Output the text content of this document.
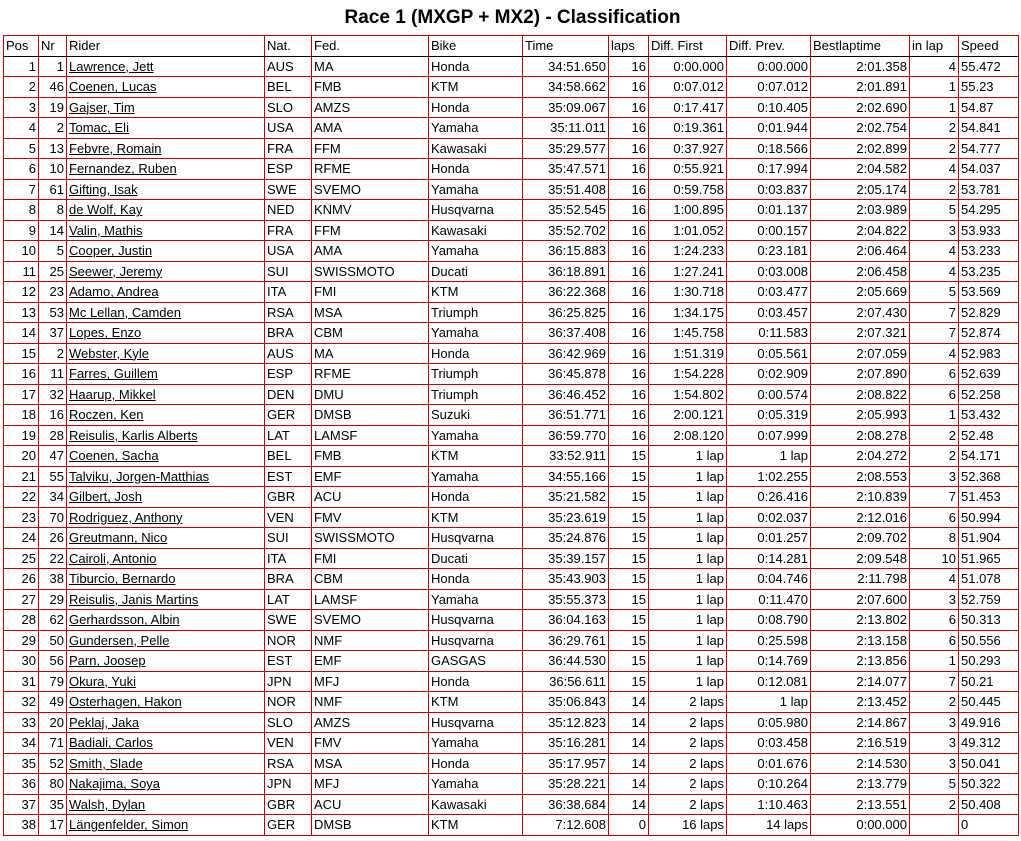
Race 1 (MXGP + MX2) - Classification
Pos	Nr	Rider	Nat.	Fed.	Bike	Time	laps	Diff. First	Diff. Prev.	Bestlaptime	in lap	Speed
1	1	Lawrence, Jett	AUS	MA	Honda	34:51.650	16	0:00.000	0:00.000	2:01.358	4	55.472
2	46	Coenen, Lucas	BEL	FMB	KTM	34:58.662	16	0:07.012	0:07.012	2:01.891	1	55.23
3	19	Gajser, Tim	SLO	AMZS	Honda	35:09.067	16	0:17.417	0:10.405	2:02.690	1	54.87
4	2	Tomac, Eli	USA	AMA	Yamaha	35:11.011	16	0:19.361	0:01.944	2:02.754	2	54.841
5	13	Febvre, Romain	FRA	FFM	Kawasaki	35:29.577	16	0:37.927	0:18.566	2:02.899	2	54.777
6	10	Fernandez, Ruben	ESP	RFME	Honda	35:47.571	16	0:55.921	0:17.994	2:04.582	4	54.037
7	61	Gifting, Isak	SWE	SVEMO	Yamaha	35:51.408	16	0:59.758	0:03.837	2:05.174	2	53.781
8	8	de Wolf, Kay	NED	KNMV	Husqvarna	35:52.545	16	1:00.895	0:01.137	2:03.989	5	54.295
9	14	Valin, Mathis	FRA	FFM	Kawasaki	35:52.702	16	1:01.052	0:00.157	2:04.822	3	53.933
10	5	Cooper, Justin	USA	AMA	Yamaha	36:15.883	16	1:24.233	0:23.181	2:06.464	4	53.233
11	25	Seewer, Jeremy	SUI	SWISSMOTO	Ducati	36:18.891	16	1:27.241	0:03.008	2:06.458	4	53.235
12	23	Adamo, Andrea	ITA	FMI	KTM	36:22.368	16	1:30.718	0:03.477	2:05.669	5	53.569
13	53	Mc Lellan, Camden	RSA	MSA	Triumph	36:25.825	16	1:34.175	0:03.457	2:07.430	7	52.829
14	37	Lopes, Enzo	BRA	CBM	Yamaha	36:37.408	16	1:45.758	0:11.583	2:07.321	7	52.874
15	2	Webster, Kyle	AUS	MA	Honda	36:42.969	16	1:51.319	0:05.561	2:07.059	4	52.983
16	11	Farres, Guillem	ESP	RFME	Triumph	36:45.878	16	1:54.228	0:02.909	2:07.890	6	52.639
17	32	Haarup, Mikkel	DEN	DMU	Triumph	36:46.452	16	1:54.802	0:00.574	2:08.822	6	52.258
18	16	Roczen, Ken	GER	DMSB	Suzuki	36:51.771	16	2:00.121	0:05.319	2:05.993	1	53.432
19	28	Reisulis, Karlis Alberts	LAT	LAMSF	Yamaha	36:59.770	16	2:08.120	0:07.999	2:08.278	2	52.48
20	47	Coenen, Sacha	BEL	FMB	KTM	33:52.911	15	1 lap	1 lap	2:04.272	2	54.171
21	55	Talviku, Jorgen-Matthias	EST	EMF	Yamaha	34:55.166	15	1 lap	1:02.255	2:08.553	3	52.368
22	34	Gilbert, Josh	GBR	ACU	Honda	35:21.582	15	1 lap	0:26.416	2:10.839	7	51.453
23	70	Rodriguez, Anthony	VEN	FMV	KTM	35:23.619	15	1 lap	0:02.037	2:12.016	6	50.994
24	26	Greutmann, Nico	SUI	SWISSMOTO	Husqvarna	35:24.876	15	1 lap	0:01.257	2:09.702	8	51.904
25	22	Cairoli, Antonio	ITA	FMI	Ducati	35:39.157	15	1 lap	0:14.281	2:09.548	10	51.965
26	38	Tiburcio, Bernardo	BRA	CBM	Honda	35:43.903	15	1 lap	0:04.746	2:11.798	4	51.078
27	29	Reisulis, Janis Martins	LAT	LAMSF	Yamaha	35:55.373	15	1 lap	0:11.470	2:07.600	3	52.759
28	62	Gerhardsson, Albin	SWE	SVEMO	Husqvarna	36:04.163	15	1 lap	0:08.790	2:13.802	6	50.313
29	50	Gundersen, Pelle	NOR	NMF	Husqvarna	36:29.761	15	1 lap	0:25.598	2:13.158	6	50.556
30	56	Parn, Joosep	EST	EMF	GASGAS	36:44.530	15	1 lap	0:14.769	2:13.856	1	50.293
31	79	Okura, Yuki	JPN	MFJ	Honda	36:56.611	15	1 lap	0:12.081	2:14.077	7	50.21
32	49	Osterhagen, Hakon	NOR	NMF	KTM	35:06.843	14	2 laps	1 lap	2:13.452	2	50.445
33	20	Peklaj, Jaka	SLO	AMZS	Husqvarna	35:12.823	14	2 laps	0:05.980	2:14.867	3	49.916
34	71	Badiali, Carlos	VEN	FMV	Yamaha	35:16.281	14	2 laps	0:03.458	2:16.519	3	49.312
35	52	Smith, Slade	RSA	MSA	Honda	35:17.957	14	2 laps	0:01.676	2:14.530	3	50.041
36	80	Nakajima, Soya	JPN	MFJ	Yamaha	35:28.221	14	2 laps	0:10.264	2:13.779	5	50.322
37	35	Walsh, Dylan	GBR	ACU	Kawasaki	36:38.684	14	2 laps	1:10.463	2:13.551	2	50.408
38	17	Längenfelder, Simon	GER	DMSB	KTM	7:12.608	0	16 laps	14 laps	0:00.000		0
